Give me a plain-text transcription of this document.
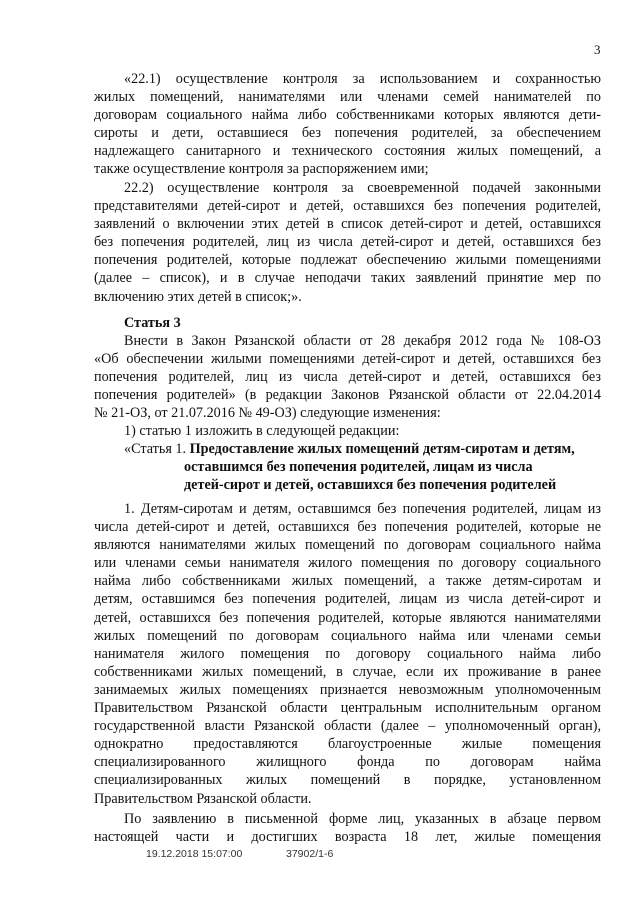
3
«22.1) осуществление контроля за использованием и сохранностью
жилых помещений, нанимателями или членами семей нанимателей по
договорам социального найма либо собственниками которых являются дети-
сироты и дети, оставшиеся без попечения родителей, за обеспечением
надлежащего санитарного и технического состояния жилых помещений, а
также осуществление контроля за распоряжением ими;
22.2) осуществление контроля за своевременной подачей законными
представителями детей-сирот и детей, оставшихся без попечения родителей,
заявлений о включении этих детей в список детей-сирот и детей, оставшихся
без попечения родителей, лиц из числа детей-сирот и детей, оставшихся без
попечения родителей, которые подлежат обеспечению жилыми помещениями
(далее – список), и в случае неподачи таких заявлений принятие мер по
включению этих детей в список;».
Статья 3
Внести в Закон Рязанской области от 28 декабря 2012 года № 108-ОЗ
«Об обеспечении жилыми помещениями детей-сирот и детей, оставшихся без
попечения родителей, лиц из числа детей-сирот и детей, оставшихся без
попечения родителей» (в редакции Законов Рязанской области от 22.04.2014
№ 21-ОЗ, от 21.07.2016 № 49-ОЗ) следующие изменения:
1) статью 1 изложить в следующей редакции:
«Статья 1. Предоставление жилых помещений детям-сиротам и детям,
оставшимся без попечения родителей, лицам из числа
детей-сирот и детей, оставшихся без попечения родителей
1. Детям-сиротам и детям, оставшимся без попечения родителей, лицам из
числа детей-сирот и детей, оставшихся без попечения родителей, которые не
являются нанимателями жилых помещений по договорам социального найма
или членами семьи нанимателя жилого помещения по договору социального
найма либо собственниками жилых помещений, а также детям-сиротам и
детям, оставшимся без попечения родителей, лицам из числа детей-сирот и
детей, оставшихся без попечения родителей, которые являются нанимателями
жилых помещений по договорам социального найма или членами семьи
нанимателя жилого помещения по договору социального найма либо
собственниками жилых помещений, в случае, если их проживание в ранее
занимаемых жилых помещениях признается невозможным уполномоченным
Правительством Рязанской области центральным исполнительным органом
государственной власти Рязанской области (далее – уполномоченный орган),
однократно предоставляются благоустроенные жилые помещения
специализированного жилищного фонда по договорам найма
специализированных жилых помещений в порядке, установленном
Правительством Рязанской области.
По заявлению в письменной форме лиц, указанных в абзаце первом
настоящей части и достигших возраста 18 лет, жилые помещения
19.12.2018 15:07:00	37902/1-6
